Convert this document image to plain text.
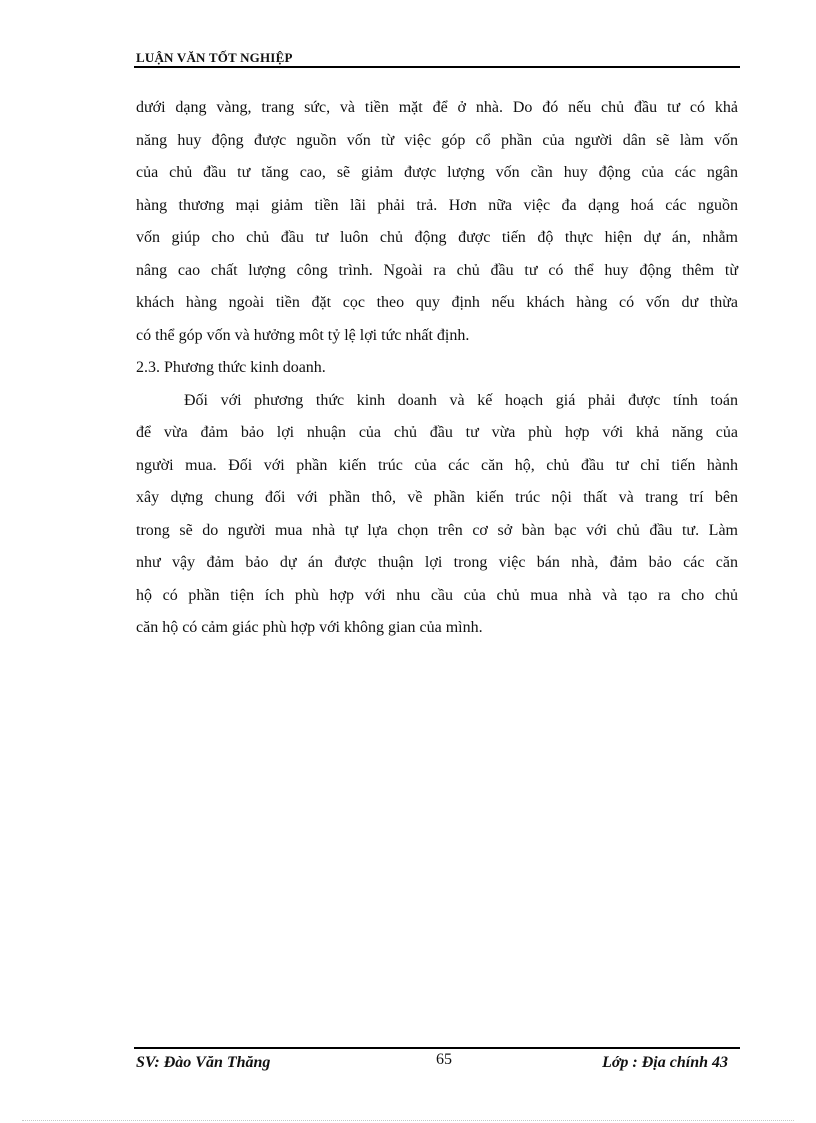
LUẬN VĂN TỐT NGHIỆP
dưới dạng vàng, trang sức, và tiền mặt để ở nhà. Do đó nếu chủ đầu tư có khả
năng huy động được nguồn vốn từ việc góp cổ phần của người dân sẽ làm vốn
của chủ đầu tư tăng cao, sẽ giảm được lượng vốn cần huy động của các ngân
hàng thương mại giảm tiền lãi phải trả. Hơn nữa việc đa dạng hoá các nguồn
vốn giúp cho chủ đầu tư luôn chủ động được tiến độ thực hiện dự án, nhằm
nâng cao chất lượng công trình. Ngoài ra chủ đầu tư có thể huy động thêm từ
khách hàng ngoài tiền đặt cọc theo quy định nếu khách hàng có vốn dư thừa
có thể góp vốn và hưởng môt tỷ lệ lợi tức nhất định.
2.3. Phương thức kinh doanh.
Đối với phương thức kinh doanh và kế hoạch giá phải được tính toán
để vừa đảm bảo lợi nhuận của chủ đầu tư vừa phù hợp với khả năng của
người mua. Đối với phần kiến trúc của các căn hộ, chủ đầu tư chỉ tiến hành
xây dựng chung đối với phần thô, về phần kiến trúc nội thất và trang trí bên
trong sẽ do người mua nhà tự lựa chọn trên cơ sở bàn bạc với chủ đầu tư. Làm
như vậy đảm bảo dự án được thuận lợi trong việc bán nhà, đảm bảo các căn
hộ có phần tiện ích phù hợp với nhu cầu của chủ mua nhà và tạo ra cho chủ
căn hộ có cảm giác phù hợp với không gian của mình.
SV: Đào Văn Thăng	65	Lớp : Địa chính 43
